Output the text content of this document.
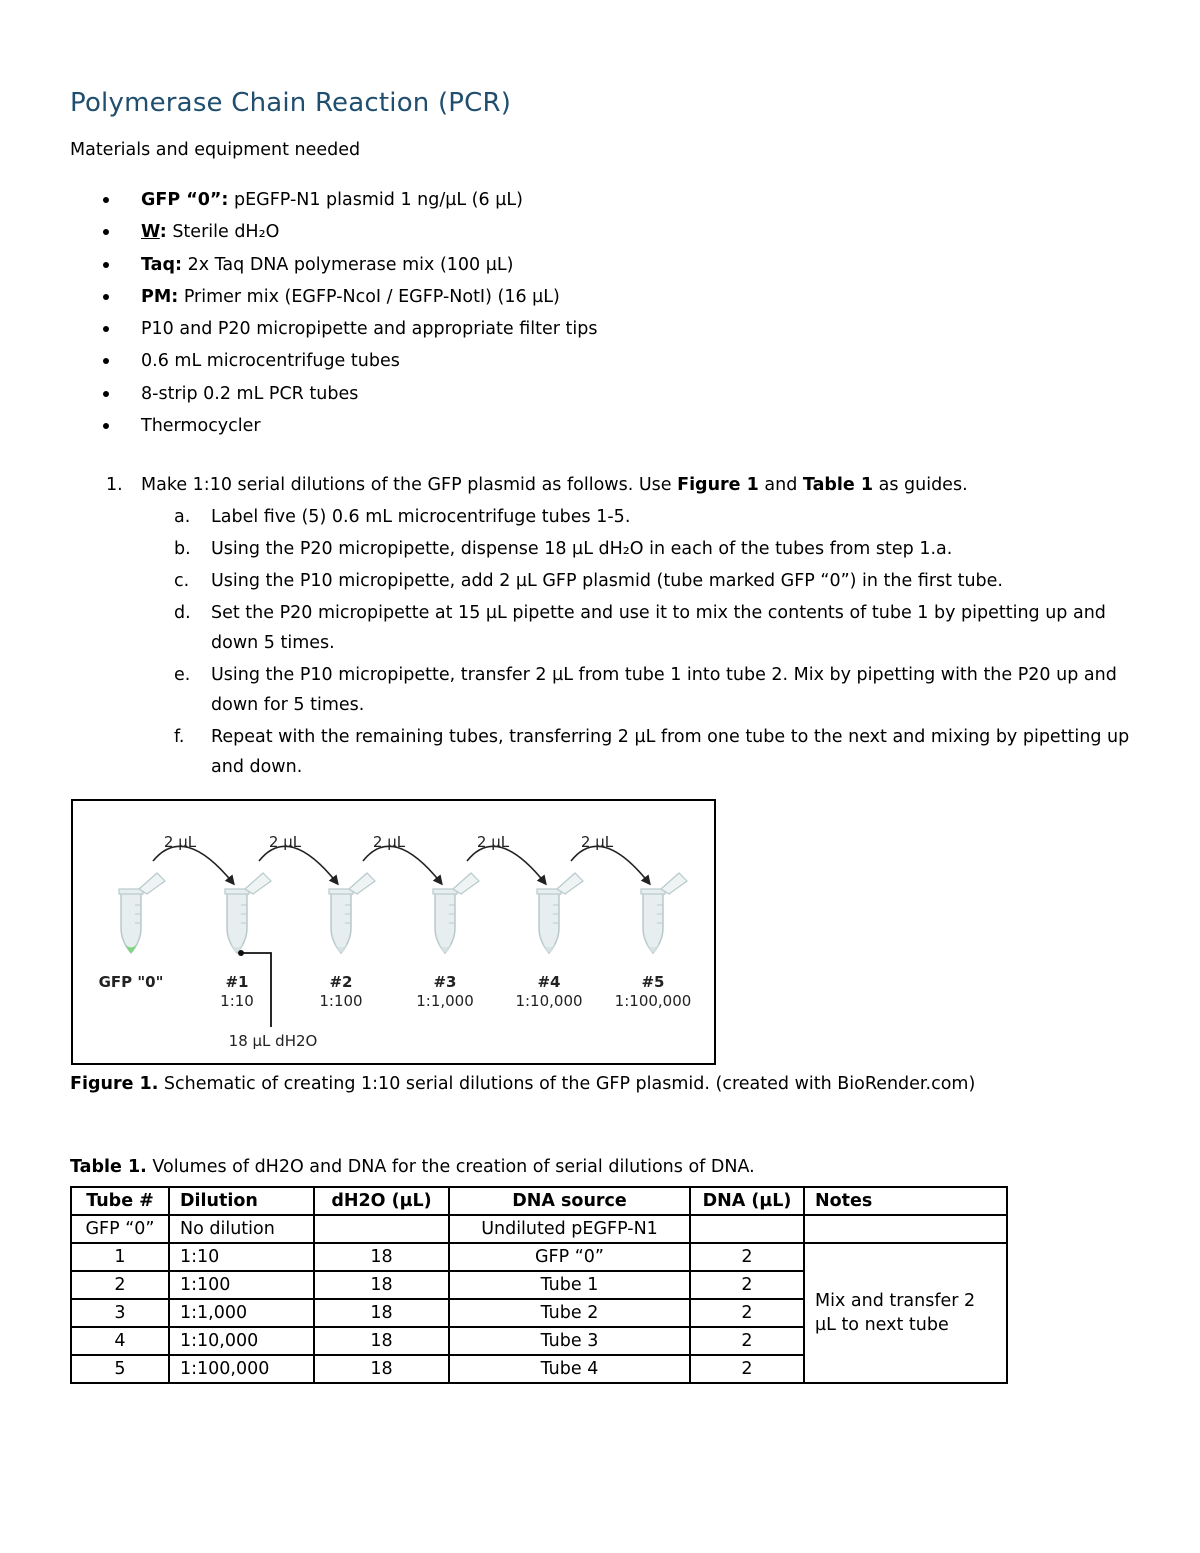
Polymerase Chain Reaction (PCR)

Materials and equipment needed

GFP “0”: pEGFP-N1 plasmid 1 ng/µL (6 µL)
W: Sterile dH₂O
Taq: 2x Taq DNA polymerase mix (100 µL)
PM: Primer mix (EGFP-NcoI / EGFP-NotI) (16 µL)
P10 and P20 micropipette and appropriate filter tips
0.6 mL microcentrifuge tubes
8-strip 0.2 mL PCR tubes
Thermocycler
1. Make 1:10 serial dilutions of the GFP plasmid as follows. Use Figure 1 and Table 1 as guides.
a. Label five (5) 0.6 mL microcentrifuge tubes 1-5.
b. Using the P20 micropipette, dispense 18 µL dH₂O in each of the tubes from step 1.a.
c. Using the P10 micropipette, add 2 µL GFP plasmid (tube marked GFP “0”) in the first tube.
d. Set the P20 micropipette at 15 µL pipette and use it to mix the contents of tube 1 by pipetting up and down 5 times.
e. Using the P10 micropipette, transfer 2 µL from tube 1 into tube 2. Mix by pipetting with the P20 up and down for 5 times.
f. Repeat with the remaining tubes, transferring 2 µL from one tube to the next and mixing by pipetting up and down.
GFP "0"
2 µL
#1
1:10
2 µL
#2
1:100
2 µL
#3
1:1,000
2 µL
#4
1:10,000
2 µL
#5
1:100,000
18 µL dH2O

Figure 1. Schematic of creating 1:10 serial dilutions of the GFP plasmid. (created with BioRender.com)

Table 1. Volumes of dH2O and DNA for the creation of serial dilutions of DNA.

Tube #	Dilution	dH2O (µL)	DNA source	DNA (µL)	Notes
GFP “0”	No dilution		Undiluted pEGFP-N1		
1	1:10	18	GFP “0”	2	Mix and transfer 2 µL to next tube
2	1:100	18	Tube 1	2	
3	1:1,000	18	Tube 2	2	
4	1:10,000	18	Tube 3	2	
5	1:100,000	18	Tube 4	2	
